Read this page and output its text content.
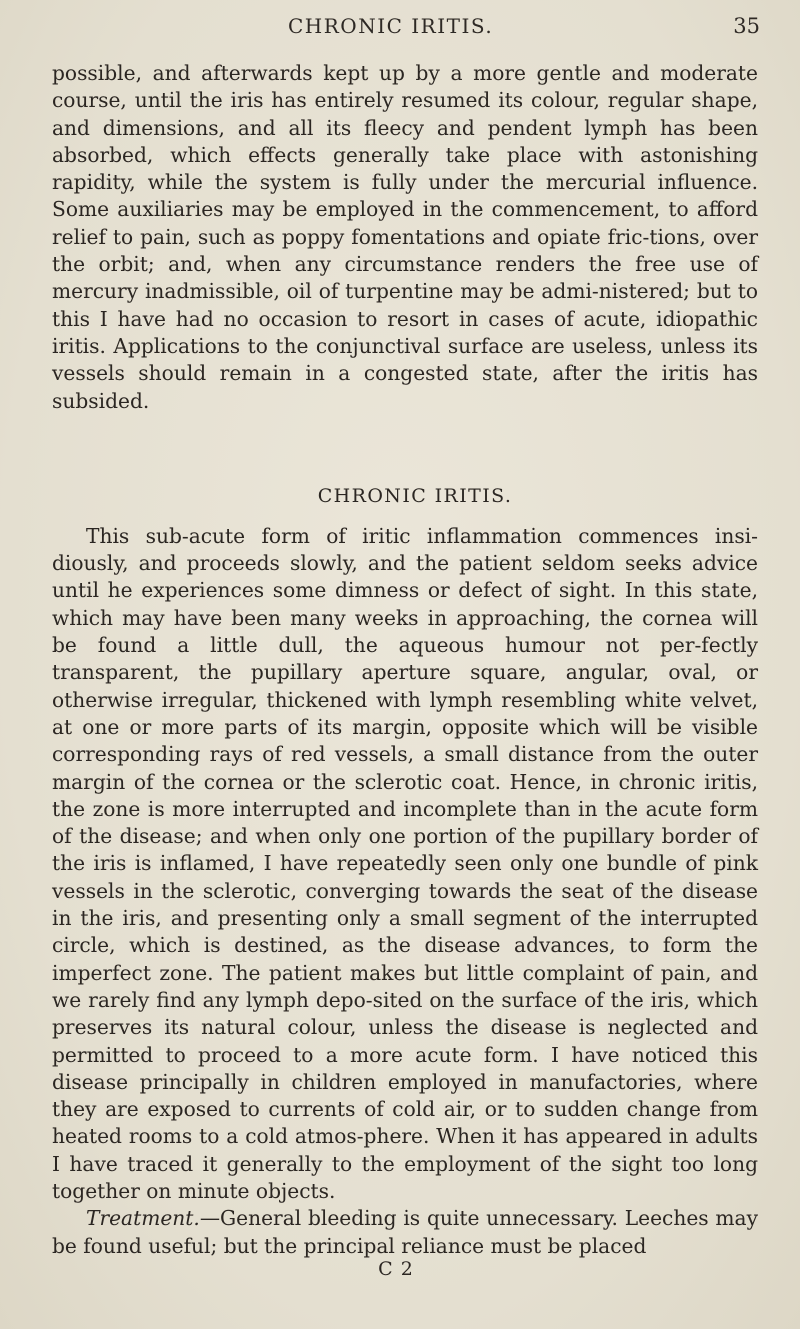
CHRONIC IRITIS.	35

possible, and afterwards kept up by a more gentle and moderate course, until the iris has entirely resumed its colour, regular shape, and dimensions, and all its fleecy and pendent lymph has been absorbed, which effects generally take place with astonishing rapidity, while the system is fully under the mercurial influence. Some auxiliaries may be employed in the commencement, to afford relief to pain, such as poppy fomentations and opiate fric-tions, over the orbit; and, when any circumstance renders the free use of mercury inadmissible, oil of turpentine may be admi-nistered; but to this I have had no occasion to resort in cases of acute, idiopathic iritis. Applications to the conjunctival surface are useless, unless its vessels should remain in a congested state, after the iritis has subsided.

CHRONIC IRITIS.

This sub-acute form of iritic inflammation commences insi-diously, and proceeds slowly, and the patient seldom seeks advice until he experiences some dimness or defect of sight. In this state, which may have been many weeks in approaching, the cornea will be found a little dull, the aqueous humour not per-fectly transparent, the pupillary aperture square, angular, oval, or otherwise irregular, thickened with lymph resembling white velvet, at one or more parts of its margin, opposite which will be visible corresponding rays of red vessels, a small distance from the outer margin of the cornea or the sclerotic coat. Hence, in chronic iritis, the zone is more interrupted and incomplete than in the acute form of the disease; and when only one portion of the pupillary border of the iris is inflamed, I have repeatedly seen only one bundle of pink vessels in the sclerotic, converging towards the seat of the disease in the iris, and presenting only a small segment of the interrupted circle, which is destined, as the disease advances, to form the imperfect zone. The patient makes but little complaint of pain, and we rarely find any lymph depo-sited on the surface of the iris, which preserves its natural colour, unless the disease is neglected and permitted to proceed to a more acute form. I have noticed this disease principally in children employed in manufactories, where they are exposed to currents of cold air, or to sudden change from heated rooms to a cold atmos-phere. When it has appeared in adults I have traced it generally to the employment of the sight too long together on minute objects.

Treatment.—General bleeding is quite unnecessary. Leeches may be found useful; but the principal reliance must be placed

C 2
